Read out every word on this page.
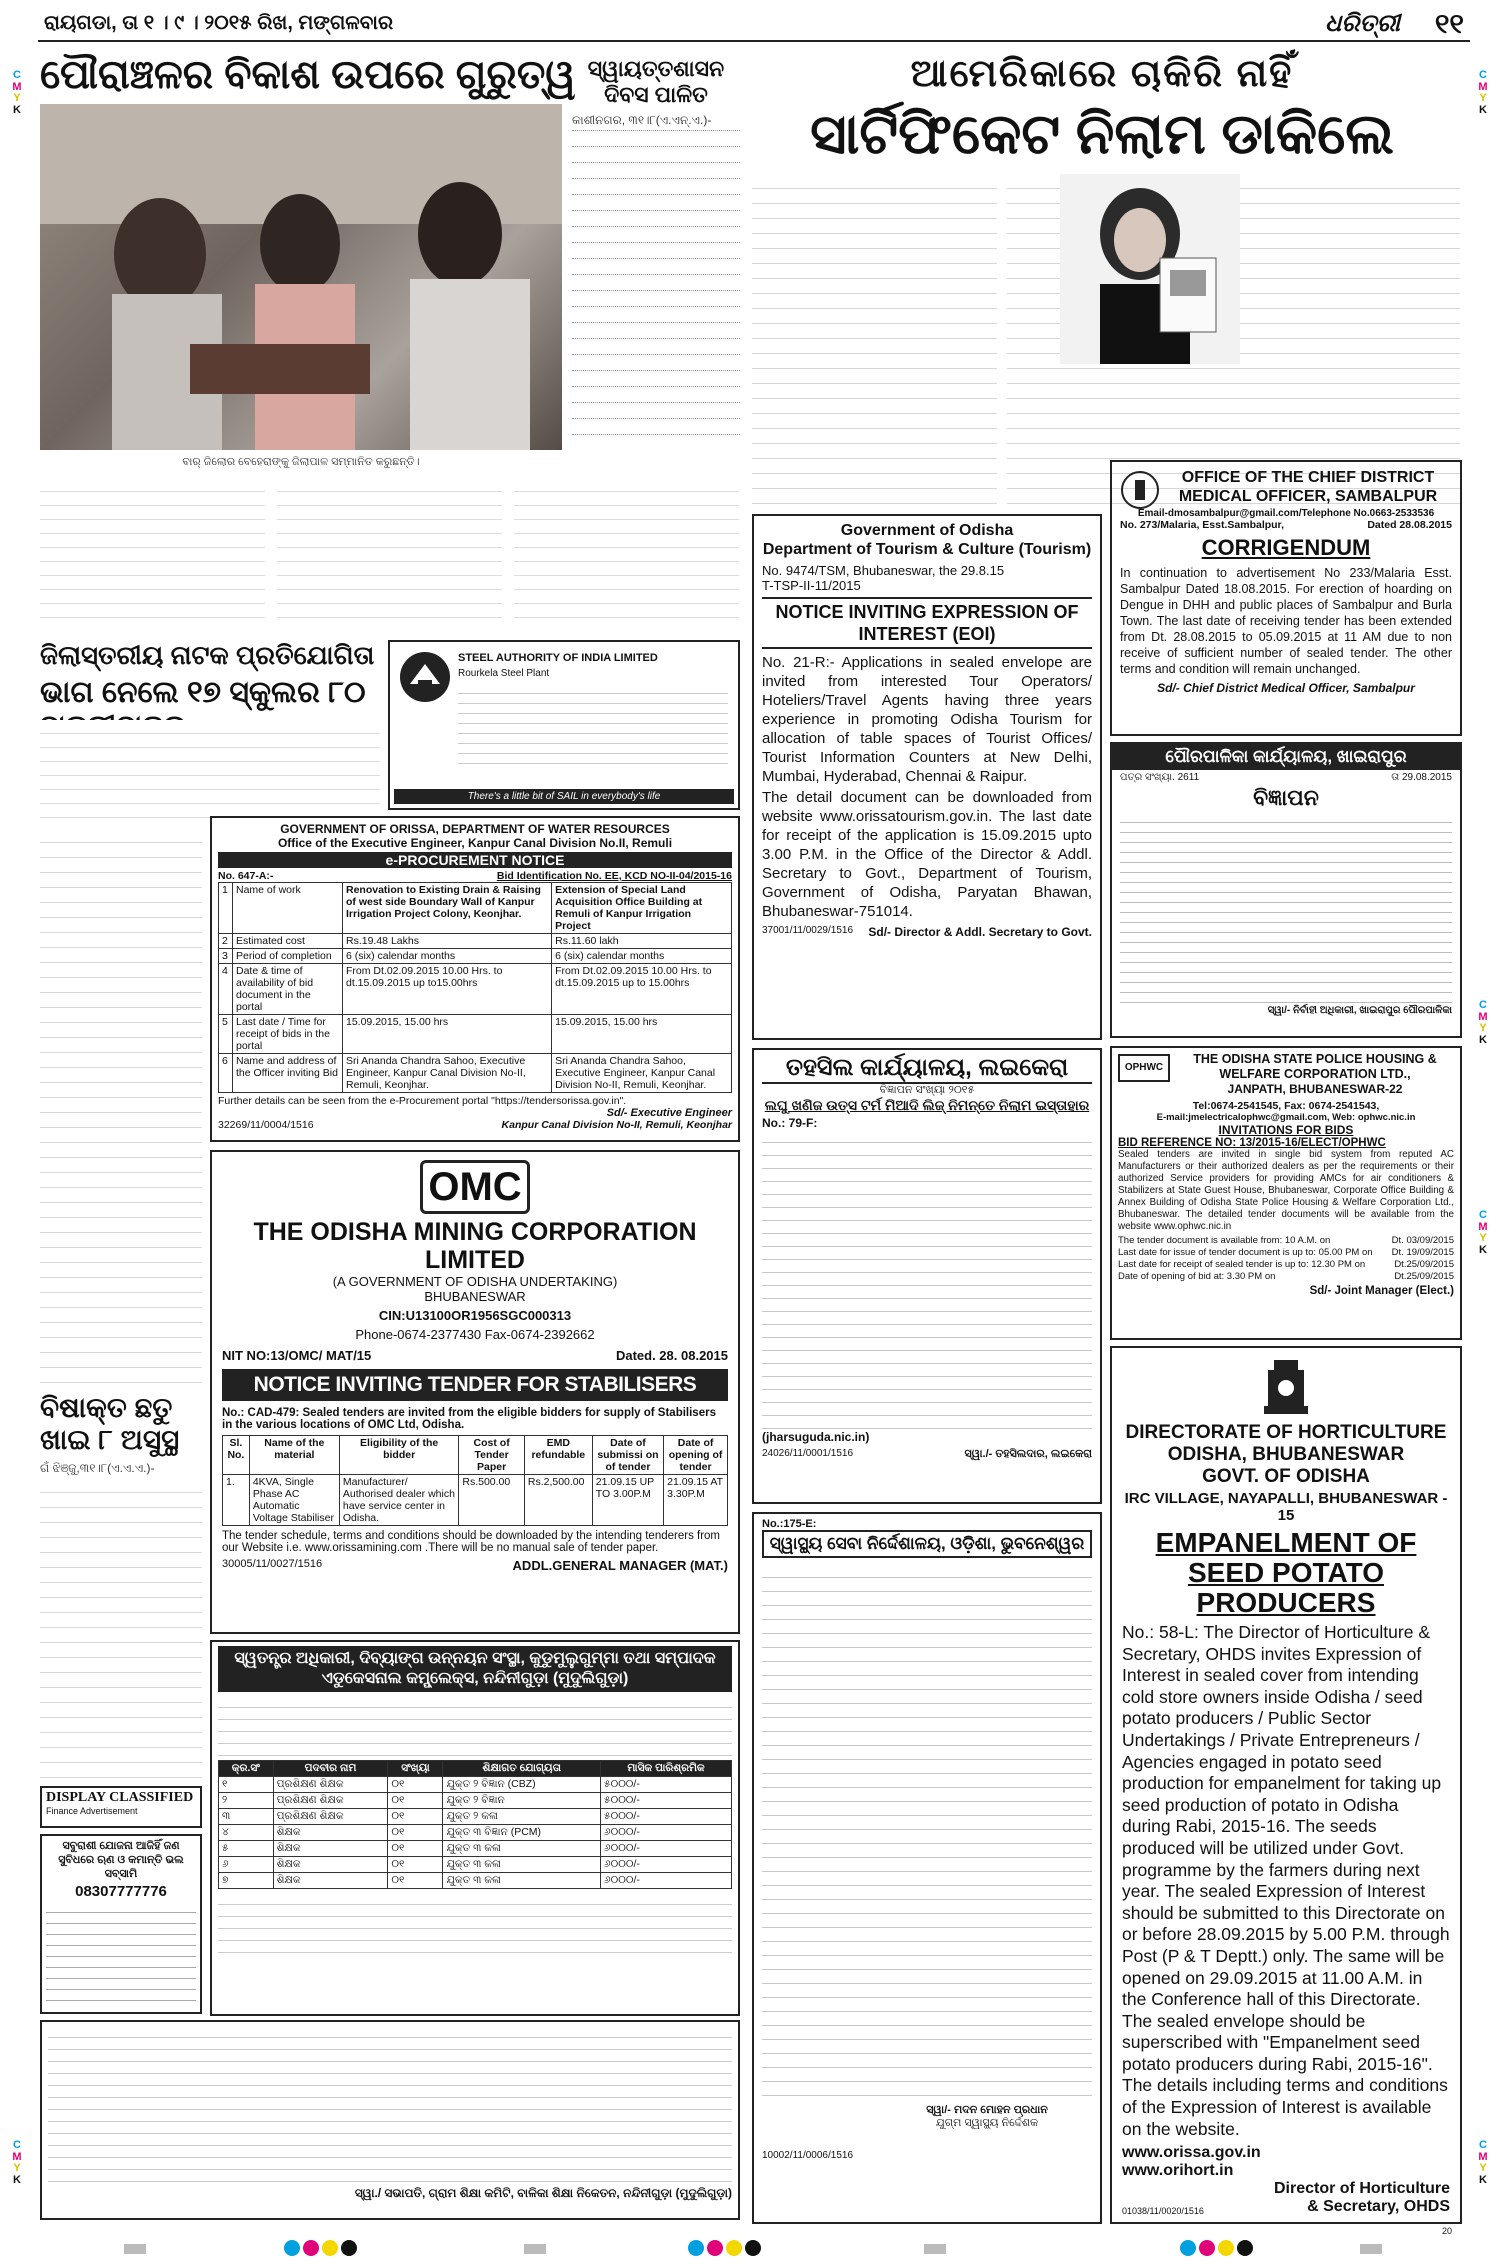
ରାୟଗଡା, ତା ୧ । ୯ । ୨୦୧୫ ରିଖ, ମଙ୍ଗଳବାର	ଧରିତ୍ରୀ ୧୧
C
M
Y
K
C
M
Y
K
C
M
Y
K
C
M
Y
K
C
M
Y
K
C
M
Y
K
ପୌରାଞ୍ଚଳର ବିକାଶ ଉପରେ ଗୁରୁତ୍ୱ
ବାର୍ ଜିଲୋର ବେହେରାଙ୍କୁ ଜିଲାପାଳ ସମ୍ମାନିତ କରୁଛନ୍ତି।
ସ୍ୱାୟତ୍ତଶାସନ ଦିବସ ପାଳିତ
କାଶୀନଗର, ୩୧।୮(ଏ.ଏନ୍.ଏ.)-
ଜିଲାସ୍ତରୀୟ ନାଟକ ପ୍ରତିଯୋଗିତା
ଭାଗ ନେଲେ ୧୭ ସ୍କୁଲର ୮୦
STEEL AUTHORITY OF INDIA LIMITED
Rourkela Steel Plant
There's a little bit of SAIL in everybody's life
GOVERNMENT OF ORISSA, DEPARTMENT OF WATER RESOURCES
Office of the Executive Engineer, Kanpur Canal Division No.II, Remuli
e-PROCUREMENT NOTICE
No. 647-A:-	Bid Identification No. EE, KCD NO-II-04/2015-16
1	Name of work	Renovation to Existing Drain & Raising of west side Boundary Wall of Kanpur Irrigation Project Colony, Keonjhar.	Extension of Special Land Acquisition Office Building at Remuli of Kanpur Irrigation Project
2	Estimated cost	Rs.19.48 Lakhs	Rs.11.60 lakh
3	Period of completion	6 (six) calendar months	6 (six) calendar months
4	Date & time of availability of bid document in the portal	From Dt.02.09.2015 10.00 Hrs. to dt.15.09.2015 up to15.00hrs	From Dt.02.09.2015 10.00 Hrs. to dt.15.09.2015 up to 15.00hrs
5	Last date / Time for receipt of bids in the portal	15.09.2015, 15.00 hrs	15.09.2015, 15.00 hrs
6	Name and address of the Officer inviting Bid	Sri Ananda Chandra Sahoo, Executive Engineer, Kanpur Canal Division No-II, Remuli, Keonjhar.	Sri Ananda Chandra Sahoo, Executive Engineer, Kanpur Canal Division No-II, Remuli, Keonjhar.
Further details can be seen from the e-Procurement portal "https://tendersorissa.gov.in".
Sd/- Executive Engineer
32269/11/0004/1516	Kanpur Canal Division No-II, Remuli, Keonjhar
OMC
THE ODISHA MINING CORPORATION LIMITED
(A GOVERNMENT OF ODISHA UNDERTAKING)
BHUBANESWAR
CIN:U13100OR1956SGC000313
Phone-0674-2377430 Fax-0674-2392662
NIT NO:13/OMC/ MAT/15	Dated. 28. 08.2015
NOTICE INVITING TENDER FOR STABILISERS
No.: CAD-479: Sealed tenders are invited from the eligible bidders for supply of Stabilisers in the various locations of OMC Ltd, Odisha.
Sl. No.	Name of the material	Eligibility of the bidder	Cost of Tender Paper	EMD refundable	Date of submissi on of tender	Date of opening of tender
1.	4KVA, Single Phase AC Automatic Voltage Stabiliser	Manufacturer/ Authorised dealer which have service center in Odisha.	Rs.500.00	Rs.2,500.00	21.09.15 UP TO 3.00P.M	21.09.15 AT 3.30P.M
The tender schedule, terms and conditions should be downloaded by the intending tenderers from our Website i.e. www.orissamining.com .There will be no manual sale of tender paper.
30005/11/0027/1516	ADDL.GENERAL MANAGER (MAT.)
ବିଷାକ୍ତ ଛତୁ ଖାଇ ୮ ଅସୁସ୍ଥ
ଗଁ ଝିଞ୍ଜୁ,୩୧।୮(ଏ.ଏ.ଏ.)-
DISPLAY CLASSIFIED
Finance Advertisement
ସବୁରାଶୀ ଯୋଜନା ଆଜିହିଁ ଜଣ ସୁବିଧରେ ଋଣ ଓ କମାନ୍ତି ଭଲ ସବ୍ସାମି
08307777776
ସ୍ୱତନ୍ତ୍ର ଅଧିକାରୀ, ଦିବ୍ୟାଙ୍ଗ ଉନ୍ନୟନ ସଂସ୍ଥା, କୁଡୁମୁଲୁଗୁମ୍ମା ତଥା ସମ୍ପାଦକ ଏଡୁକେସନାଲ କମ୍ପ୍ଲେକ୍ସ, ନନ୍ଦିନୀଗୁଡ଼ା (ମୁଦୁଲିଗୁଡ଼ା)
କ୍ର.ସଂ	ପଦବୀର ନାମ	ସଂଖ୍ୟା	ଶିକ୍ଷାଗତ ଯୋଗ୍ୟତା	ମାସିକ ପାରିଶ୍ରମିକ
୧	ପ୍ରଶିକ୍ଷଣ ଶିକ୍ଷକ	୦୧	ଯୁକ୍ତ ୨ ବିଜ୍ଞାନ (CBZ)	୫୦୦୦/-
୨	ପ୍ରଶିକ୍ଷଣ ଶିକ୍ଷକ	୦୧	ଯୁକ୍ତ ୨ ବିଜ୍ଞାନ	୫୦୦୦/-
୩	ପ୍ରଶିକ୍ଷଣ ଶିକ୍ଷକ	୦୧	ଯୁକ୍ତ ୨ କଳା	୫୦୦୦/-
୪	ଶିକ୍ଷକ	୦୧	ଯୁକ୍ତ ୩ ବିଜ୍ଞାନ (PCM)	୬୦୦୦/-
୫	ଶିକ୍ଷକ	୦୧	ଯୁକ୍ତ ୩ କଳା	୬୦୦୦/-
୬	ଶିକ୍ଷକ	୦୧	ଯୁକ୍ତ ୩ କଳା	୬୦୦୦/-
୭	ଶିକ୍ଷକ	୦୧	ଯୁକ୍ତ ୩ କଳା	୬୦୦୦/-
ସ୍ୱା./ ସଭାପତି, ଗ୍ରାମ ଶିକ୍ଷା କମିଟି, ବାଳିକା ଶିକ୍ଷା ନିକେତନ, ନନ୍ଦିନୀଗୁଡ଼ା (ମୁଦୁଲିଗୁଡ଼ା)
ଆମେରିକାରେ ଚାକିରି ନାହିଁ
ସାର୍ଟିଫିକେଟ ନିଲାମ ଡାକିଲେ
Government of Odisha
Department of Tourism & Culture (Tourism)
No. 9474/TSM, Bhubaneswar, the 29.8.15
T-TSP-II-11/2015
NOTICE INVITING EXPRESSION OF INTEREST (EOI)
No. 21-R:- Applications in sealed envelope are invited from interested Tour Operators/ Hoteliers/Travel Agents having three years experience in promoting Odisha Tourism for allocation of table spaces of Tourist Offices/ Tourist Information Counters at New Delhi, Mumbai, Hyderabad, Chennai & Raipur.
The detail document can be downloaded from website www.orissatourism.gov.in. The last date for receipt of the application is 15.09.2015 upto 3.00 P.M. in the Office of the Director & Addl. Secretary to Govt., Department of Tourism, Government of Odisha, Paryatan Bhawan, Bhubaneswar-751014.
37001/11/0029/1516 Sd/- Director & Addl. Secretary to Govt.
OFFICE OF THE CHIEF DISTRICT MEDICAL OFFICER, SAMBALPUR
Email-dmosambalpur@gmail.com/Telephone No.0663-2533536
No. 273/Malaria, Esst.Sambalpur,	Dated 28.08.2015
CORRIGENDUM
In continuation to advertisement No 233/Malaria Esst. Sambalpur Dated 18.08.2015. For erection of hoarding on Dengue in DHH and public places of Sambalpur and Burla Town. The last date of receiving tender has been extended from Dt. 28.08.2015 to 05.09.2015 at 11 AM due to non receive of sufficient number of sealed tender. The other terms and condition will remain unchanged.
Sd/- Chief District Medical Officer, Sambalpur
ପୌରପାଳିକା କାର୍ଯ୍ୟାଳୟ, ଖାଇରାପୁର
ପତ୍ର ସଂଖ୍ୟା. 2611	ତା 29.08.2015
ବିଜ୍ଞାପନ
ସ୍ୱା/- ନିର୍ବାହୀ ଅଧିକାରୀ, ଖାଇରାପୁର ପୌରପାଳିକା
ତହସିଲ କାର୍ଯ୍ୟାଳୟ, ଲଇକେରା
ବିଜ୍ଞାପନ ସଂଖ୍ୟା ୨୦୧୫
ଲଘୁ ଖଣିଜ ଉତ୍ସ ଟର୍ମ ମିଆଦି ଲିଜ୍ ନିମନ୍ତେ ନିଲାମ ଇସ୍ତାହାର
No.: 79-F:
(jharsuguda.nic.in)
24026/11/0001/1516	ସ୍ୱା./- ତହସିଲଦାର, ଲଇକେରା
OPHWC
THE ODISHA STATE POLICE HOUSING & WELFARE CORPORATION LTD.,
JANPATH, BHUBANESWAR-22
Tel:0674-2541545, Fax: 0674-2541543,
E-mail:jmelectricalophwc@gmail.com, Web: ophwc.nic.in
INVITATIONS FOR BIDS
BID REFERENCE NO: 13/2015-16/ELECT/OPHWC
Sealed tenders are invited in single bid system from reputed AC Manufacturers or their authorized dealers as per the requirements or their authorized Service providers for providing AMCs for air conditioners & Stabilizers at State Guest House, Bhubaneswar, Corporate Office Building & Annex Building of Odisha State Police Housing & Welfare Corporation Ltd., Bhubaneswar. The detailed tender documents will be available from the website www.ophwc.nic.in
The tender document is available from: 10 A.M. on	Dt. 03/09/2015
Last date for issue of tender document is up to: 05.00 PM on Dt. 19/09/2015
Last date for receipt of sealed tender is up to: 12.30 PM on	Dt.25/09/2015
Date of opening of bid at: 3.30 PM on	Dt.25/09/2015
Sd/- Joint Manager (Elect.)
No.:175-E:
ସ୍ୱାସ୍ଥ୍ୟ ସେବା ନିର୍ଦ୍ଦେଶାଳୟ, ଓଡ଼ିଶା, ଭୁବନେଶ୍ୱର
ସ୍ୱା/- ମଦନ ମୋହନ ପ୍ରଧାନ
ଯୁଗ୍ମ ସ୍ୱାସ୍ଥ୍ୟ ନିର୍ଦ୍ଦେଶକ
10002/11/0006/1516
DIRECTORATE OF HORTICULTURE
ODISHA, BHUBANESWAR
GOVT. OF ODISHA
IRC VILLAGE, NAYAPALLI, BHUBANESWAR - 15
EMPANELMENT OF SEED POTATO PRODUCERS
No.: 58-L: The Director of Horticulture & Secretary, OHDS invites Expression of Interest in sealed cover from intending cold store owners inside Odisha / seed potato producers / Public Sector Undertakings / Private Entrepreneurs / Agencies engaged in potato seed production for empanelment for taking up seed production of potato in Odisha during Rabi, 2015-16. The seeds produced will be utilized under Govt. programme by the farmers during next year. The sealed Expression of Interest should be submitted to this Directorate on or before 28.09.2015 by 5.00 P.M. through Post (P & T Deptt.) only. The same will be opened on 29.09.2015 at 11.00 A.M. in the Conference hall of this Directorate. The sealed envelope should be superscribed with "Empanelment seed potato producers during Rabi, 2015-16". The details including terms and conditions of the Expression of Interest is available on the website.
www.orissa.gov.in
www.orihort.in
Director of Horticulture
01038/11/0020/1516	& Secretary, OHDS
20
